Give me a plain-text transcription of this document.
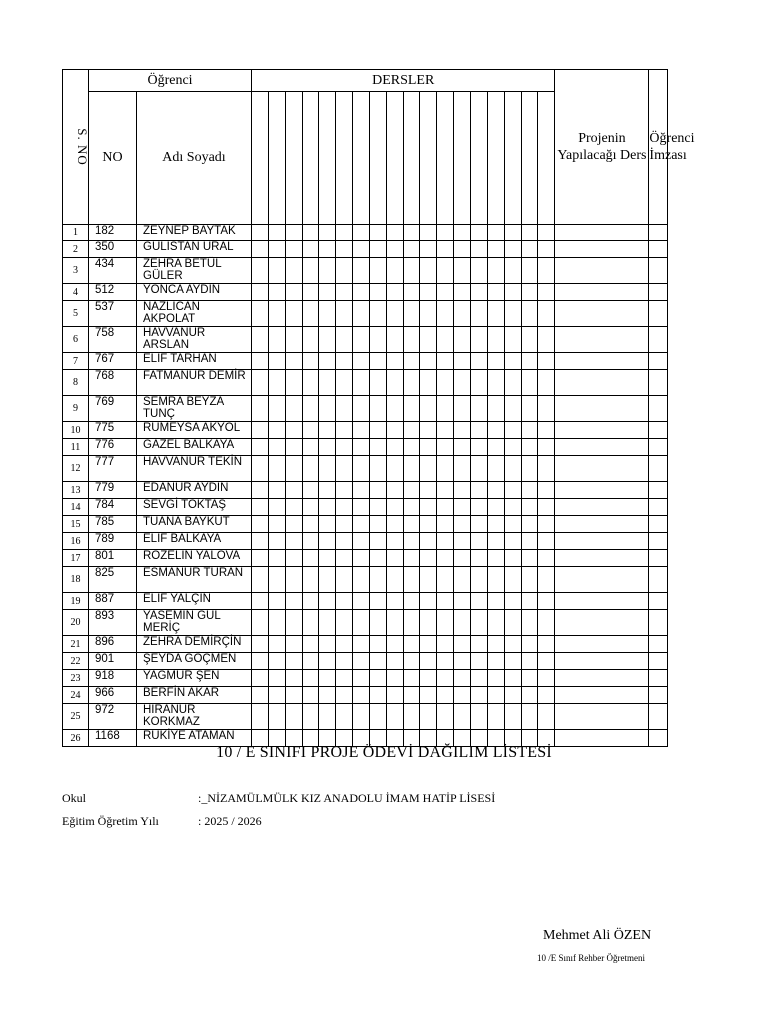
S. NO	Öğrenci		DERSLER																		Projenin Yapılacağı Ders	Öğrenci İmzası
	NO	Adı Soyadı																				
1	182	ZEYNEP BAYTAK																				
2	350	GULISTAN URAL																				
3	434	ZEHRA BETÜL GÜLER																				
4	512	YONCA AYDIN																				
5	537	NAZLICAN AKPOLAT																				
6	758	HAVVANUR ARSLAN																				
7	767	ELIF TARHAN																				
8	768	FATMANUR DEMİR																				
9	769	SEMRA BEYZA TUNÇ																				
10	775	RUMEYSA AKYOL																				
11	776	GAZEL BALKAYA																				
12	777	HAVVANUR TEKİN																				
13	779	EDANUR AYDIN																				
14	784	SEVGİ TOKTAŞ																				
15	785	TUANA BAYKUT																				
16	789	ELIF BALKAYA																				
17	801	ROZELIN YALOVA																				
18	825	ESMANUR TURAN																				
19	887	ELIF YALÇIN																				
20	893	YASEMIN GUL MERİÇ																				
21	896	ZEHRA DEMİRÇİN																				
22	901	ŞEYDA GÖÇMEN																				
23	918	YAGMUR ŞEN																				
24	966	BERFİN AKAR																				
25	972	HIRANUR KORKMAZ																				
26	1168	RUKİYE ATAMAN																				
10 / E SINIFI PROJE ÖDEVİ DAĞILIM LİSTESİ
Okul	:_NİZAMÜLMÜLK KIZ ANADOLU İMAM HATİP LİSESİ
Eğitim Öğretim Yılı	: 2025 / 2026
Mehmet Ali ÖZEN
10 /E Sınıf Rehber Öğretmeni
